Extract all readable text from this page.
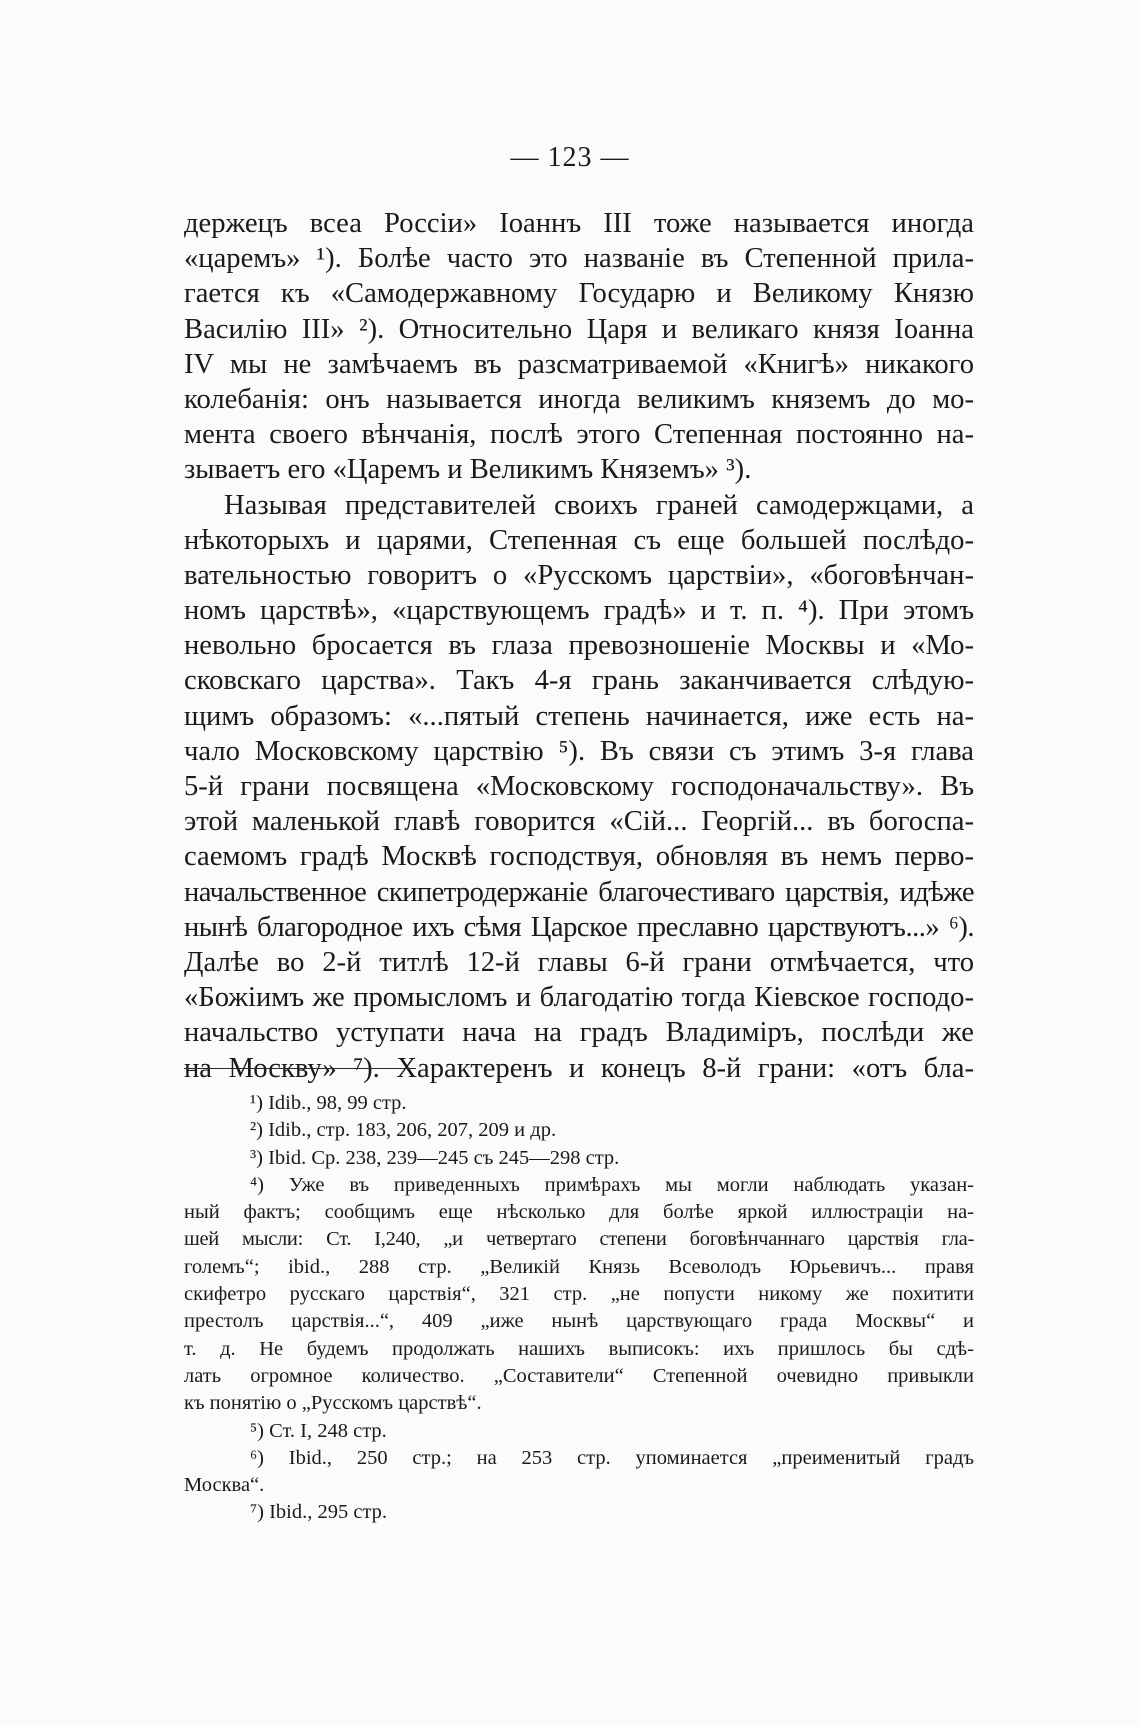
— 123 —
держецъ всеа Россіи» Іоаннъ III тоже называется иногда
«царемъ» ¹). Болѣе часто это названіе въ Степенной прила-
гается къ «Самодержавному Государю и Великому Князю
Василію III» ²). Относительно Царя и великаго князя Іоанна
IV мы не замѣчаемъ въ разсматриваемой «Книгѣ» никакого
колебанія: онъ называется иногда великимъ княземъ до мо-
мента своего вѣнчанія, послѣ этого Степенная постоянно на-
зываетъ его «Царемъ и Великимъ Княземъ» ³).
Называя представителей своихъ граней самодержцами, а
нѣкоторыхъ и царями, Степенная съ еще большей послѣдо-
вательностью говоритъ о «Русскомъ царствіи», «боговѣнчан-
номъ царствѣ», «царствующемъ градѣ» и т. п. ⁴). При этомъ
невольно бросается въ глаза превозношеніе Москвы и «Мо-
сковскаго царства». Такъ 4-я грань заканчивается слѣдую-
щимъ образомъ: «...пятый степень начинается, иже есть на-
чало Московскому царствію ⁵). Въ связи съ этимъ 3-я глава
5-й грани посвящена «Московскому господоначальству». Въ
этой маленькой главѣ говорится «Сій... Георгій... въ богоспа-
саемомъ градѣ Москвѣ господствуя, обновляя въ немъ перво-
начальственное скипетродержаніе благочестиваго царствія, идѣже
нынѣ благородное ихъ сѣмя Царское преславно царствуютъ...» ⁶).
Далѣе во 2-й титлѣ 12-й главы 6-й грани отмѣчается, что
«Божіимъ же промысломъ и благодатію тогда Кіевское господо-
начальство уступати нача на градъ Владиміръ, послѣди же
на Москву» ⁷). Характеренъ и конецъ 8-й грани: «отъ бла-
¹) Idib., 98, 99 стр.
²) Idib., стр. 183, 206, 207, 209 и др.
³) Ibid. Ср. 238, 239—245 съ 245—298 стр.
⁴) Уже въ приведенныхъ примѣрахъ мы могли наблюдать указан-
ный фактъ; сообщимъ еще нѣсколько для болѣе яркой иллюстраціи на-
шей мысли: Ст. I,240, „и четвертаго степени боговѣнчаннаго царствія гла-
големъ“; ibid., 288 стр. „Великій Князь Всеволодъ Юрьевичъ... правя
скифетро русскаго царствія“, 321 стр. „не попусти никому же похитити
престолъ царствія...“, 409 „иже нынѣ царствующаго града Москвы“ и
т. д. Не будемъ продолжать нашихъ выписокъ: ихъ пришлось бы сдѣ-
лать огромное количество. „Составители“ Степенной очевидно привыкли
къ понятію о „Русскомъ царствѣ“.
⁵) Ст. I, 248 стр.
⁶) Ibid., 250 стр.; на 253 стр. упоминается „преименитый градъ
Москва“.
⁷) Ibid., 295 стр.
